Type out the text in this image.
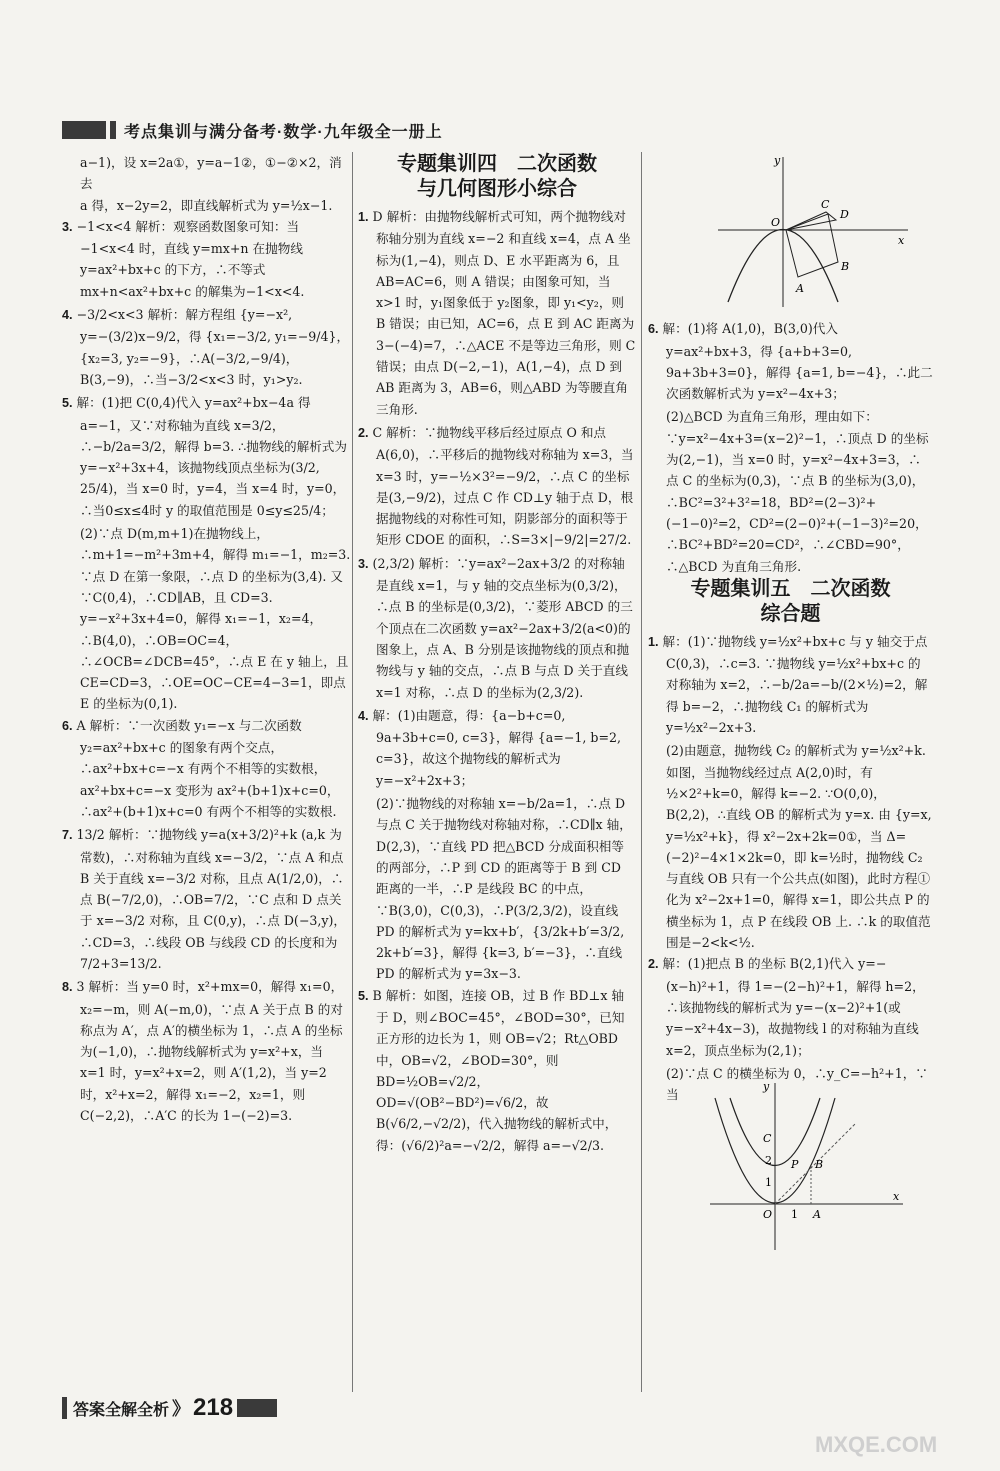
考点集训与满分备考·数学·九年级全一册上
a−1)，设 x=2a①，y=a−1②，①−②×2，消去
a 得，x−2y=2，即直线解析式为 y=½x−1.
3. −1<x<4 解析：观察函数图象可知：当−1<x<4 时，直线 y=mx+n 在抛物线 y=ax²+bx+c 的下方，∴不等式 mx+n<ax²+bx+c 的解集为−1<x<4.
4. −3/2<x<3 解析：解方程组 {y=−x², y=−(3/2)x−9/2，得 {x₁=−3/2, y₁=−9/4}，{x₂=3, y₂=−9}，∴A(−3/2,−9/4)，B(3,−9)，∴当−3/2<x<3 时，y₁>y₂.
5. 解：(1)把 C(0,4)代入 y=ax²+bx−4a 得 a=−1，又∵对称轴为直线 x=3/2，∴−b/2a=3/2，解得 b=3. ∴抛物线的解析式为 y=−x²+3x+4，该抛物线顶点坐标为(3/2, 25/4)，当 x=0 时，y=4，当 x=4 时，y=0，∴当0≤x≤4时 y 的取值范围是 0≤y≤25/4；
(2)∵点 D(m,m+1)在抛物线上，∴m+1=−m²+3m+4，解得 m₁=−1，m₂=3. ∵点 D 在第一象限，∴点 D 的坐标为(3,4). 又∵C(0,4)，∴CD∥AB，且 CD=3. y=−x²+3x+4=0，解得 x₁=−1，x₂=4，∴B(4,0)，∴OB=OC=4，∴∠OCB=∠DCB=45°，∴点 E 在 y 轴上，且 CE=CD=3，∴OE=OC−CE=4−3=1，即点 E 的坐标为(0,1).
6. A 解析：∵一次函数 y₁=−x 与二次函数 y₂=ax²+bx+c 的图象有两个交点，∴ax²+bx+c=−x 有两个不相等的实数根，ax²+bx+c=−x 变形为 ax²+(b+1)x+c=0，∴ax²+(b+1)x+c=0 有两个不相等的实数根.
7. 13/2 解析：∵抛物线 y=a(x+3/2)²+k (a,k 为常数)，∴对称轴为直线 x=−3/2，∵点 A 和点 B 关于直线 x=−3/2 对称，且点 A(1/2,0)，∴点 B(−7/2,0)，∴OB=7/2，∵C 点和 D 点关于 x=−3/2 对称，且 C(0,y)，∴点 D(−3,y)，∴CD=3，∴线段 OB 与线段 CD 的长度和为 7/2+3=13/2.
8. 3 解析：当 y=0 时，x²+mx=0，解得 x₁=0，x₂=−m，则 A(−m,0)，∵点 A 关于点 B 的对称点为 A′，点 A′的横坐标为 1，∴点 A 的坐标为(−1,0)，∴抛物线解析式为 y=x²+x，当 x=1 时，y=x²+x=2，则 A′(1,2)，当 y=2 时，x²+x=2，解得 x₁=−2，x₂=1，则 C(−2,2)，∴A′C 的长为 1−(−2)=3.
专题集训四　二次函数
与几何图形小综合
1. D 解析：由抛物线解析式可知，两个抛物线对称轴分别为直线 x=−2 和直线 x=4，点 A 坐标为(1,−4)，则点 D、E 水平距离为 6，且 AB=AC=6，则 A 错误；由图象可知，当 x>1 时，y₁图象低于 y₂图象，即 y₁<y₂，则 B 错误；由已知，AC=6，点 E 到 AC 距离为 3−(−4)=7，∴△ACE 不是等边三角形，则 C 错误；由点 D(−2,−1)，A(1,−4)，点 D 到 AB 距离为 3，AB=6，则△ABD 为等腰直角三角形.
2. C 解析：∵抛物线平移后经过原点 O 和点 A(6,0)，∴平移后的抛物线对称轴为 x=3，当 x=3 时，y=−½×3²=−9/2，∴点 C 的坐标是(3,−9/2)，过点 C 作 CD⊥y 轴于点 D，根据抛物线的对称性可知，阴影部分的面积等于矩形 CDOE 的面积，∴S=3×|−9/2|=27/2.
3. (2,3/2) 解析：∵y=ax²−2ax+3/2 的对称轴是直线 x=1，与 y 轴的交点坐标为(0,3/2)，∴点 B 的坐标是(0,3/2)，∵菱形 ABCD 的三个顶点在二次函数 y=ax²−2ax+3/2(a<0)的图象上，点 A、B 分别是该抛物线的顶点和抛物线与 y 轴的交点，∴点 B 与点 D 关于直线 x=1 对称，∴点 D 的坐标为(2,3/2).
4. 解：(1)由题意，得：{a−b+c=0, 9a+3b+c=0, c=3}，解得 {a=−1, b=2, c=3}，故这个抛物线的解析式为 y=−x²+2x+3；
(2)∵抛物线的对称轴 x=−b/2a=1，∴点 D 与点 C 关于抛物线对称轴对称，∴CD∥x 轴，D(2,3)，∵直线 PD 把△BCD 分成面积相等的两部分，∴P 到 CD 的距离等于 B 到 CD 距离的一半，∴P 是线段 BC 的中点，∵B(3,0)，C(0,3)，∴P(3/2,3/2)，设直线 PD 的解析式为 y=kx+b′，{3/2k+b′=3/2, 2k+b′=3}，解得 {k=3, b′=−3}，∴直线 PD 的解析式为 y=3x−3.
5. B 解析：如图，连接 OB，过 B 作 BD⊥x 轴于 D，则∠BOC=45°，∠BOD=30°，已知正方形的边长为 1，则 OB=√2；Rt△OBD 中，OB=√2，∠BOD=30°，则 BD=½OB=√2/2，OD=√(OB²−BD²)=√6/2，故 B(√6/2,−√2/2)，代入抛物线的解析式中，得：(√6/2)²a=−√2/2，解得 a=−√2/3.
y
x
O
C
D
B
A
6. 解：(1)将 A(1,0)，B(3,0)代入 y=ax²+bx+3，得 {a+b+3=0, 9a+3b+3=0}，解得 {a=1, b=−4}，∴此二次函数解析式为 y=x²−4x+3；
(2)△BCD 为直角三角形，理由如下：∵y=x²−4x+3=(x−2)²−1，∴顶点 D 的坐标为(2,−1)，当 x=0 时，y=x²−4x+3=3，∴点 C 的坐标为(0,3)，∵点 B 的坐标为(3,0)，∴BC²=3²+3²=18，BD²=(2−3)²+(−1−0)²=2，CD²=(2−0)²+(−1−3)²=20，∴BC²+BD²=20=CD²，∴∠CBD=90°，∴△BCD 为直角三角形.
专题集训五　二次函数
综合题
1. 解：(1)∵抛物线 y=½x²+bx+c 与 y 轴交于点 C(0,3)，∴c=3. ∵抛物线 y=½x²+bx+c 的对称轴为 x=2，∴−b/2a=−b/(2×½)=2，解得 b=−2，∴抛物线 C₁ 的解析式为 y=½x²−2x+3.
(2)由题意，抛物线 C₂ 的解析式为 y=½x²+k. 如图，当抛物线经过点 A(2,0)时，有 ½×2²+k=0，解得 k=−2. ∵O(0,0)，B(2,2)，∴直线 OB 的解析式为 y=x. 由 {y=x, y=½x²+k}，得 x²−2x+2k=0①，当 Δ=(−2)²−4×1×2k=0，即 k=½时，抛物线 C₂ 与直线 OB 只有一个公共点(如图)，此时方程①化为 x²−2x+1=0，解得 x=1，即公共点 P 的横坐标为 1，点 P 在线段 OB 上. ∴k 的取值范围是−2<k<½.
2. 解：(1)把点 B 的坐标 B(2,1)代入 y=−(x−h)²+1，得 1=−(2−h)²+1，解得 h=2，∴该抛物线的解析式为 y=−(x−2)²+1(或 y=−x²+4x−3)，故抛物线 l 的对称轴为直线 x=2，顶点坐标为(2,1)；
(2)∵点 C 的横坐标为 0，∴y_C=−h²+1，∵当
y
x
O 1 A
C
2
1
P B
答案全解全析 》 218
MXQE.COM
